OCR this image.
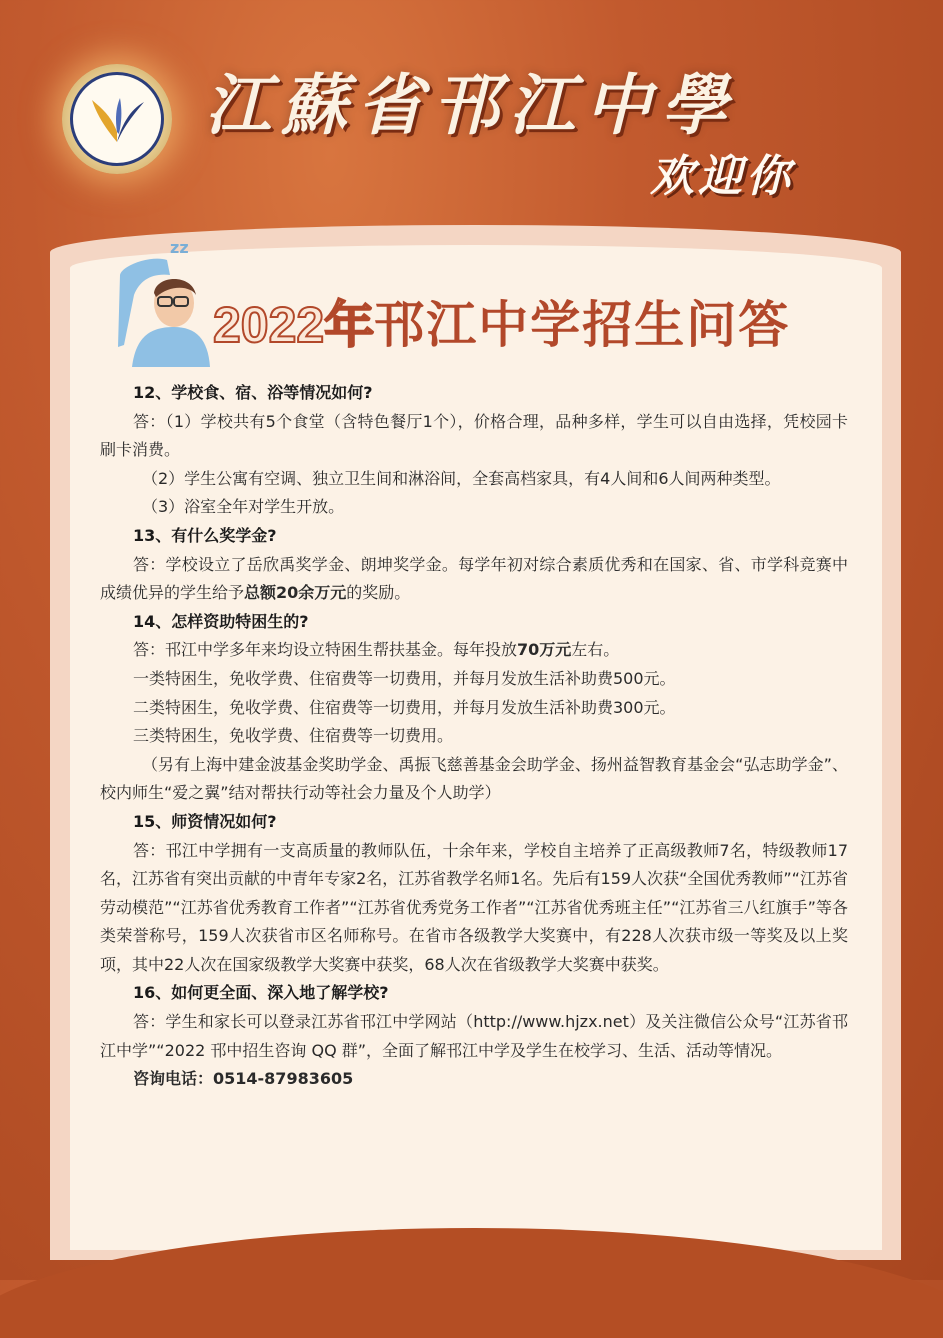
江蘇省邗江中學
欢迎你
zz
2022年邗江中学招生问答

12、学校食、宿、浴等情况如何?

答：（1）学校共有5个食堂（含特色餐厅1个），价格合理，品种多样，学生可以自由选择，凭校园卡刷卡消费。

（2）学生公寓有空调、独立卫生间和淋浴间，全套高档家具，有4人间和6人间两种类型。

（3）浴室全年对学生开放。

13、有什么奖学金?

答：学校设立了岳欣禹奖学金、朗坤奖学金。每学年初对综合素质优秀和在国家、省、市学科竞赛中成绩优异的学生给予总额20余万元的奖励。

14、怎样资助特困生的?

答：邗江中学多年来均设立特困生帮扶基金。每年投放70万元左右。

一类特困生，免收学费、住宿费等一切费用，并每月发放生活补助费500元。

二类特困生，免收学费、住宿费等一切费用，并每月发放生活补助费300元。

三类特困生，免收学费、住宿费等一切费用。

（另有上海中建金波基金奖助学金、禹振飞慈善基金会助学金、扬州益智教育基金会“弘志助学金”、校内师生“爱之翼”结对帮扶行动等社会力量及个人助学）

15、师资情况如何?

答：邗江中学拥有一支高质量的教师队伍，十余年来，学校自主培养了正高级教师7名，特级教师17名，江苏省有突出贡献的中青年专家2名，江苏省教学名师1名。先后有159人次获“全国优秀教师”“江苏省劳动模范”“江苏省优秀教育工作者”“江苏省优秀党务工作者”“江苏省优秀班主任”“江苏省三八红旗手”等各类荣誉称号，159人次获省市区名师称号。在省市各级教学大奖赛中，有228人次获市级一等奖及以上奖项，其中22人次在国家级教学大奖赛中获奖，68人次在省级教学大奖赛中获奖。

16、如何更全面、深入地了解学校?

答：学生和家长可以登录江苏省邗江中学网站（http://www.hjzx.net）及关注微信公众号“江苏省邗江中学”“2022 邗中招生咨询 QQ 群”，全面了解邗江中学及学生在校学习、生活、活动等情况。

咨询电话：0514-87983605
